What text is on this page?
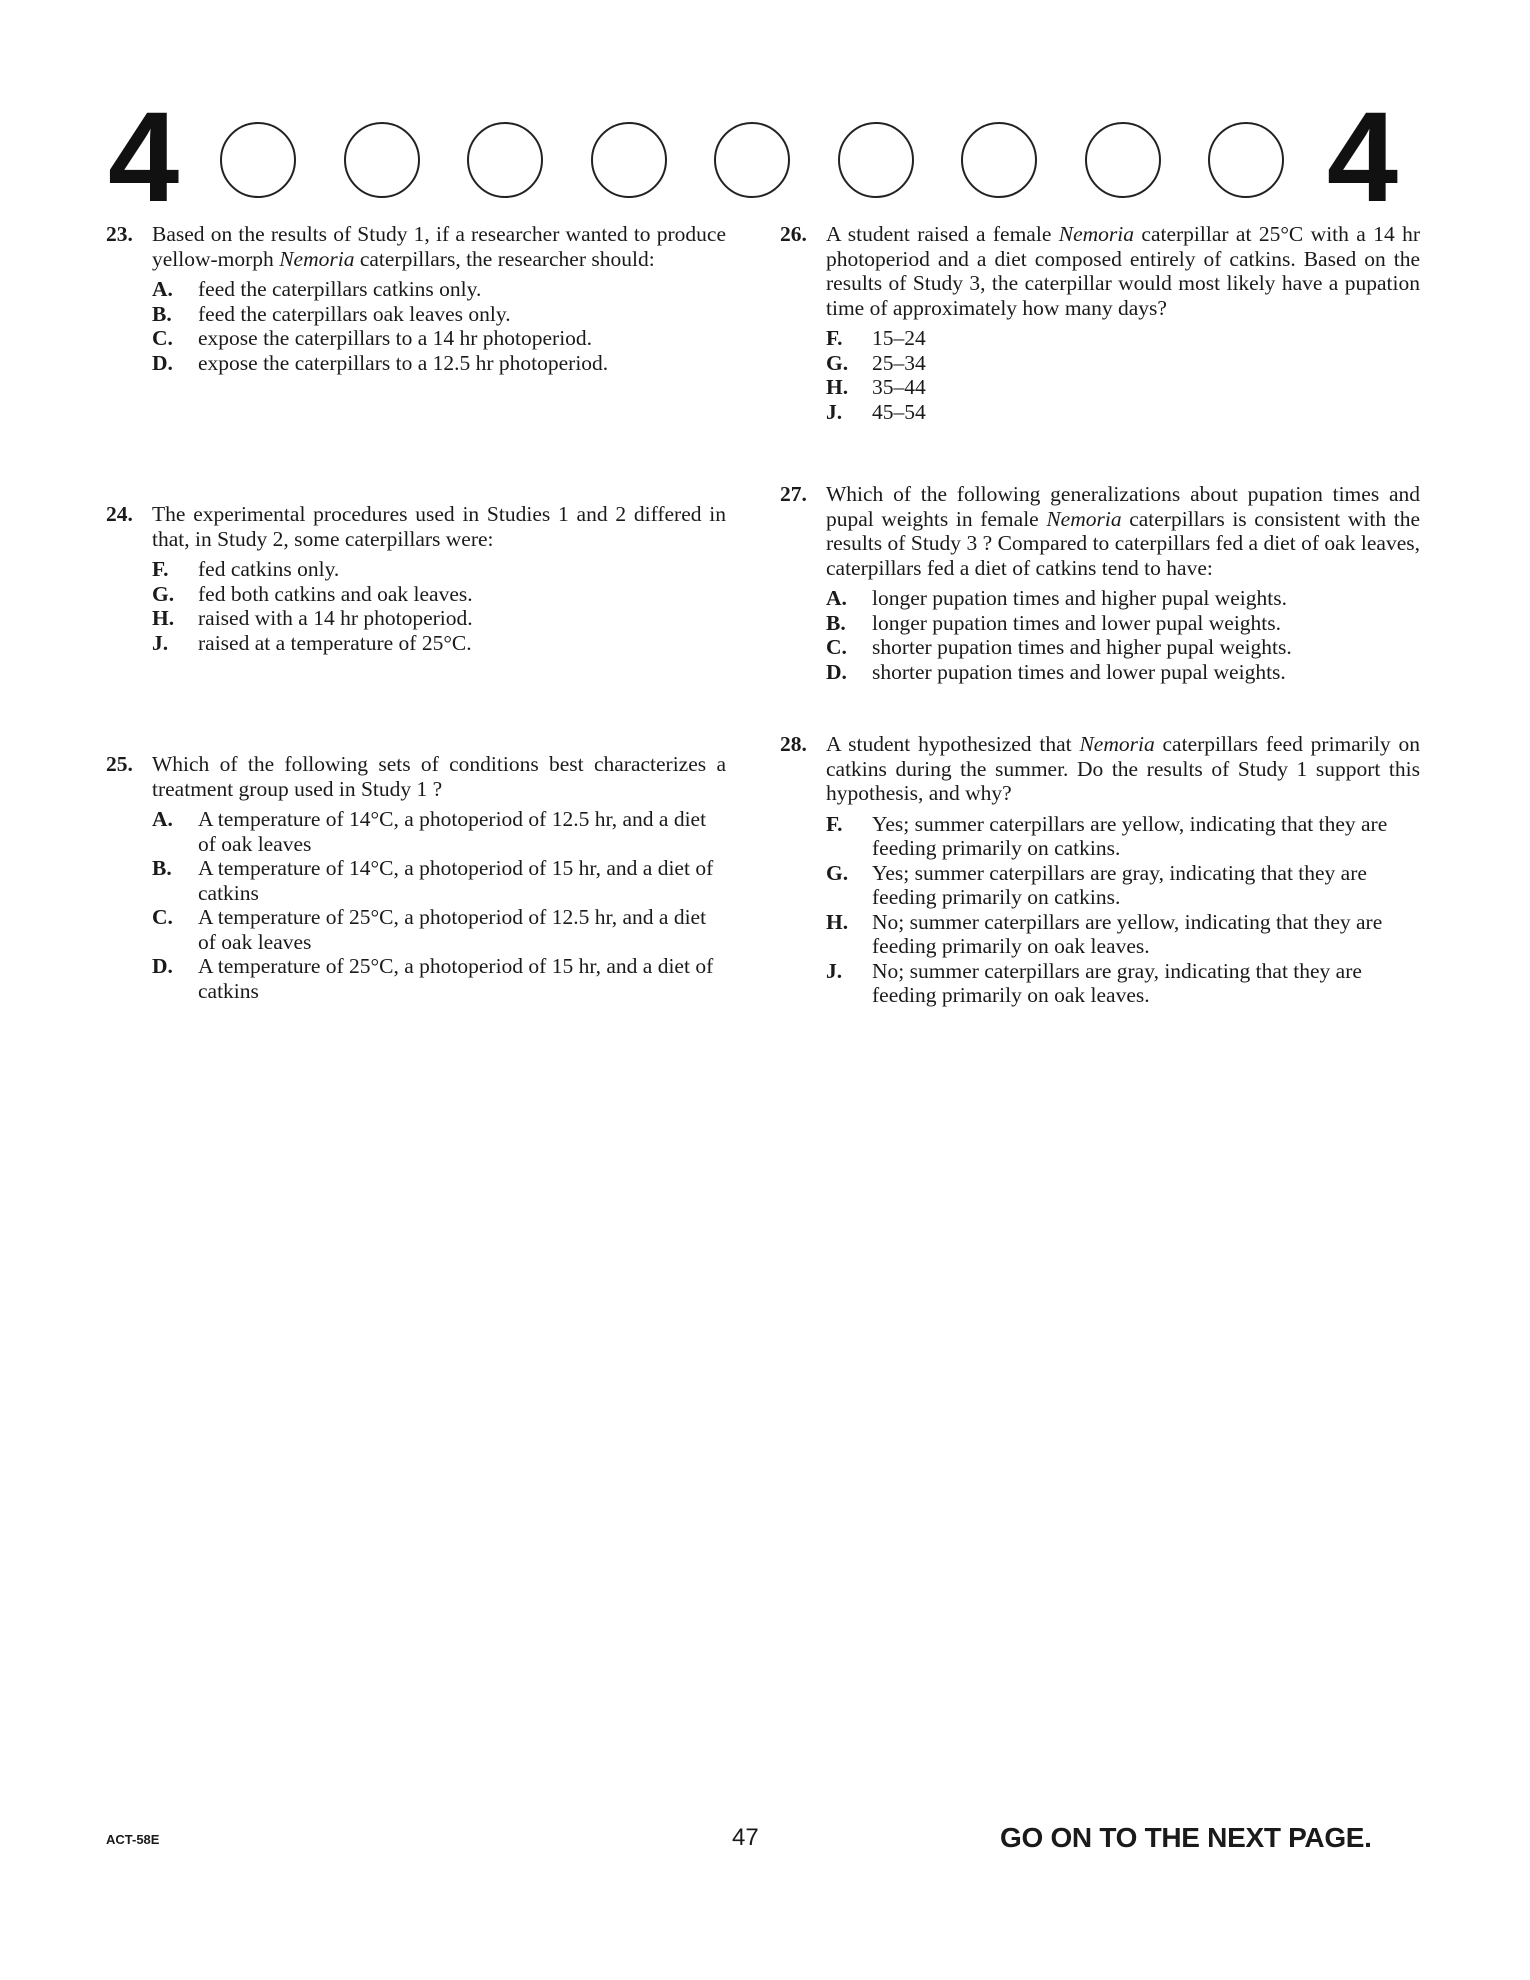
4	4
23. Based on the results of Study 1, if a researcher wanted to produce yellow-morph Nemoria caterpillars, the researcher should:
A. feed the caterpillars catkins only.
B. feed the caterpillars oak leaves only.
C. expose the caterpillars to a 14 hr photoperiod.
D. expose the caterpillars to a 12.5 hr photoperiod.
24. The experimental procedures used in Studies 1 and 2 differed in that, in Study 2, some caterpillars were:
F. fed catkins only.
G. fed both catkins and oak leaves.
H. raised with a 14 hr photoperiod.
J. raised at a temperature of 25°C.
25. Which of the following sets of conditions best characterizes a treatment group used in Study 1 ?
A. A temperature of 14°C, a photoperiod of 12.5 hr, and a diet of oak leaves
B. A temperature of 14°C, a photoperiod of 15 hr, and a diet of catkins
C. A temperature of 25°C, a photoperiod of 12.5 hr, and a diet of oak leaves
D. A temperature of 25°C, a photoperiod of 15 hr, and a diet of catkins
26. A student raised a female Nemoria caterpillar at 25°C with a 14 hr photoperiod and a diet composed entirely of catkins. Based on the results of Study 3, the caterpillar would most likely have a pupation time of approximately how many days?
F. 15–24
G. 25–34
H. 35–44
J. 45–54
27. Which of the following generalizations about pupation times and pupal weights in female Nemoria caterpillars is consistent with the results of Study 3 ? Compared to caterpillars fed a diet of oak leaves, caterpillars fed a diet of catkins tend to have:
A. longer pupation times and higher pupal weights.
B. longer pupation times and lower pupal weights.
C. shorter pupation times and higher pupal weights.
D. shorter pupation times and lower pupal weights.
28. A student hypothesized that Nemoria caterpillars feed primarily on catkins during the summer. Do the results of Study 1 support this hypothesis, and why?
F. Yes; summer caterpillars are yellow, indicating that they are feeding primarily on catkins.
G. Yes; summer caterpillars are gray, indicating that they are feeding primarily on catkins.
H. No; summer caterpillars are yellow, indicating that they are feeding primarily on oak leaves.
J. No; summer caterpillars are gray, indicating that they are feeding primarily on oak leaves.
ACT-58E	47	GO ON TO THE NEXT PAGE.
